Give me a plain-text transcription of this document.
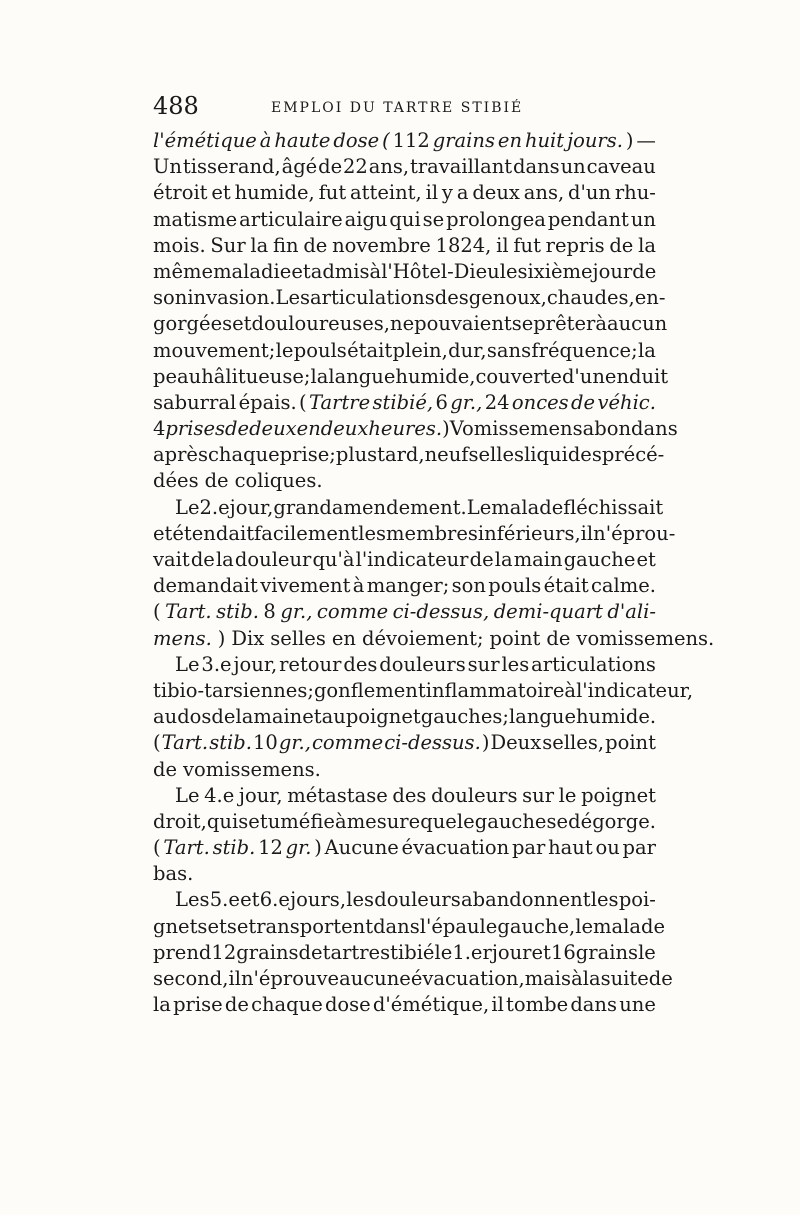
488	EMPLOI DU TARTRE STIBIÉ
l'émétique à haute dose ( 112 grains en huit jours. ) —
Un tisserand, âgé de 22 ans, travaillant dans un caveau
étroit et humide, fut atteint, il y a deux ans, d'un rhu-
matisme articulaire aigu qui se prolongea pendant un
mois. Sur la fin de novembre 1824, il fut repris de la
même maladie et admis à l'Hôtel-Dieu le sixième jour de
son invasion. Les articulations des genoux, chaudes, en-
gorgées et douloureuses, ne pouvaient se prêter à aucun
mouvement; le pouls était plein, dur, sans fréquence; la
peau hâlitueuse; la langue humide, couverte d'un enduit
saburral épais. ( Tartre stibié, 6 gr., 24 onces de véhic.
4 prises de deux en deux heures. ) Vomissemens abondans
après chaque prise; plus tard, neuf selles liquides précé-
dées de coliques.
Le 2.e jour, grand amendement. Le malade fléchissait
et étendait facilement les membres inférieurs, il n'éprou-
vait de la douleur qu'à l'indicateur de la main gauche et
demandait vivement à manger; son pouls était calme.
( Tart. stib. 8 gr., comme ci-dessus, demi-quart d'ali-
mens. ) Dix selles en dévoiement; point de vomissemens.
Le 3.e jour, retour des douleurs sur les articulations
tibio-tarsiennes; gonflement inflammatoire à l'indicateur,
au dos de la main et au poignet gauches; langue humide.
( Tart. stib. 10 gr., comme ci-dessus. ) Deux selles, point
de vomissemens.
Le 4.e jour, métastase des douleurs sur le poignet
droit, qui se tuméfie à mesure que le gauche se dégorge.
( Tart. stib. 12 gr. ) Aucune évacuation par haut ou par
bas.
Les 5.e et 6.e jours, les douleurs abandonnent les poi-
gnets et se transportent dans l'épaule gauche, le malade
prend 12 grains de tartre stibié le 1.er jour et 16 grains le
second, il n'éprouve aucune évacuation, mais à la suite de
la prise de chaque dose d'émétique, il tombe dans une
